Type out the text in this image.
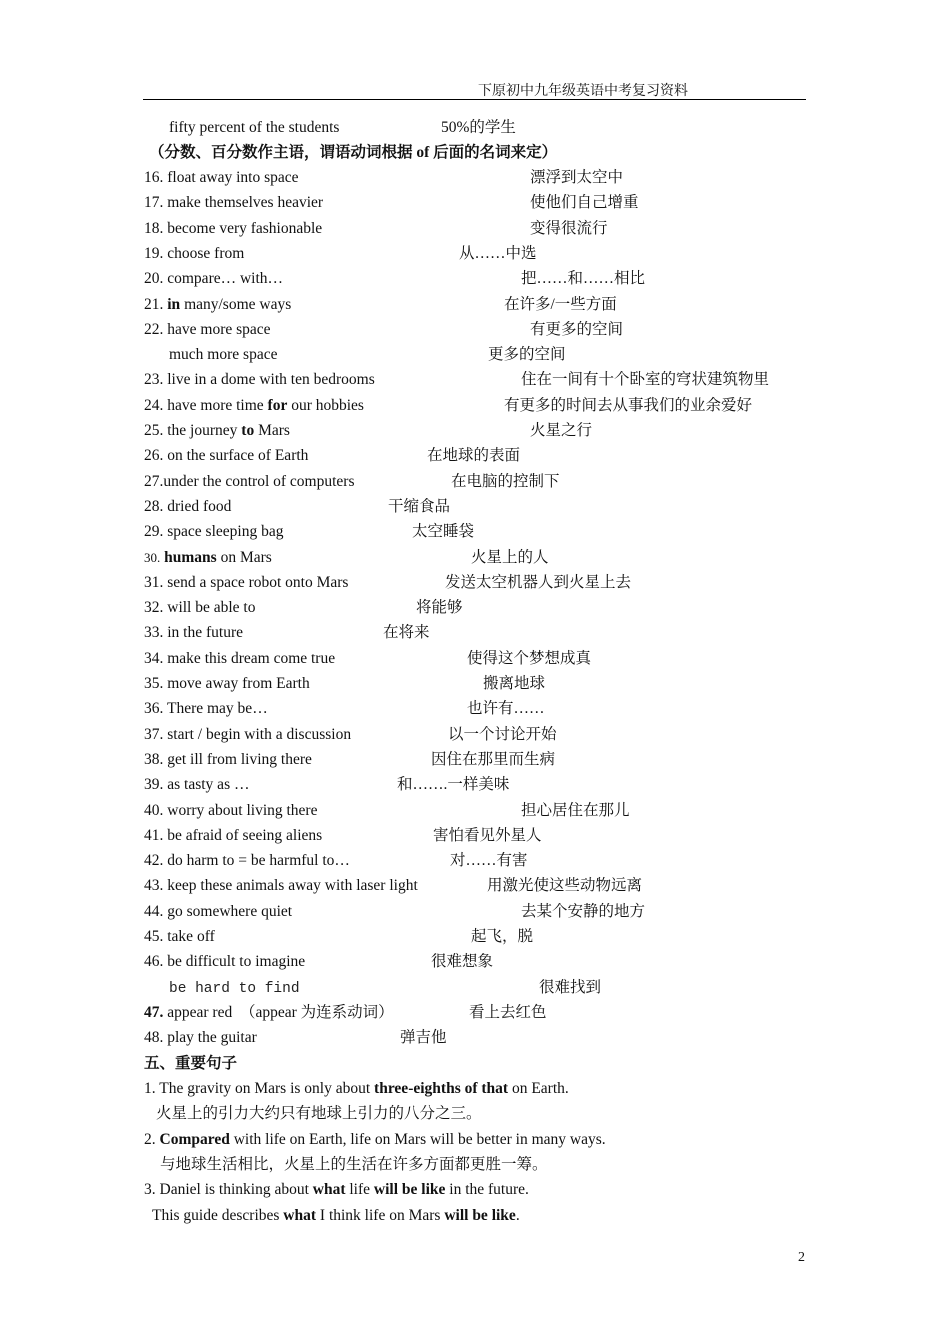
下原初中九年级英语中考复习资料
fifty percent of the students	50%的学生
（分数、百分数作主语，谓语动词根据 of 后面的名词来定）
16. float away into space	漂浮到太空中
17. make themselves heavier	使他们自己增重
18. become very fashionable	变得很流行
19. choose from	从……中选
20. compare… with…	把……和……相比
21. in many/some ways	在许多/一些方面
22. have more space	有更多的空间
much more space	更多的空间
23. live in a dome with ten bedrooms	住在一间有十个卧室的穹状建筑物里
24. have more time for our hobbies	有更多的时间去从事我们的业余爱好
25. the journey to Mars	火星之行
26. on the surface of Earth	在地球的表面
27.under the control of computers	在电脑的控制下
28. dried food	干缩食品
29. space sleeping bag	太空睡袋
30. humans on Mars	火星上的人
31. send a space robot onto Mars	发送太空机器人到火星上去
32. will be able to	将能够
33. in the future	在将来
34. make this dream come true	使得这个梦想成真
35. move away from Earth	搬离地球
36. There may be…	也许有……
37. start / begin with a discussion	以一个讨论开始
38. get ill from living there	因住在那里而生病
39. as tasty as …	和…….一样美味
40. worry about living there	担心居住在那儿
41. be afraid of seeing aliens	害怕看见外星人
42. do harm to = be harmful to…	对……有害
43. keep these animals away with laser light	用激光使这些动物远离
44. go somewhere quiet	去某个安静的地方
45. take off	起飞，脱
46. be difficult to imagine	很难想象
be hard to find	很难找到
47. appear red　（appear 为连系动词）	看上去红色
48. play the guitar	弹吉他
五、重要句子
1. The gravity on Mars is only about three-eighths of that on Earth.
火星上的引力大约只有地球上引力的八分之三。
2. Compared with life on Earth, life on Mars will be better in many ways.
与地球生活相比，火星上的生活在许多方面都更胜一筹。
3. Daniel is thinking about what life will be like in the future.
This guide describes what I think life on Mars will be like.
2
